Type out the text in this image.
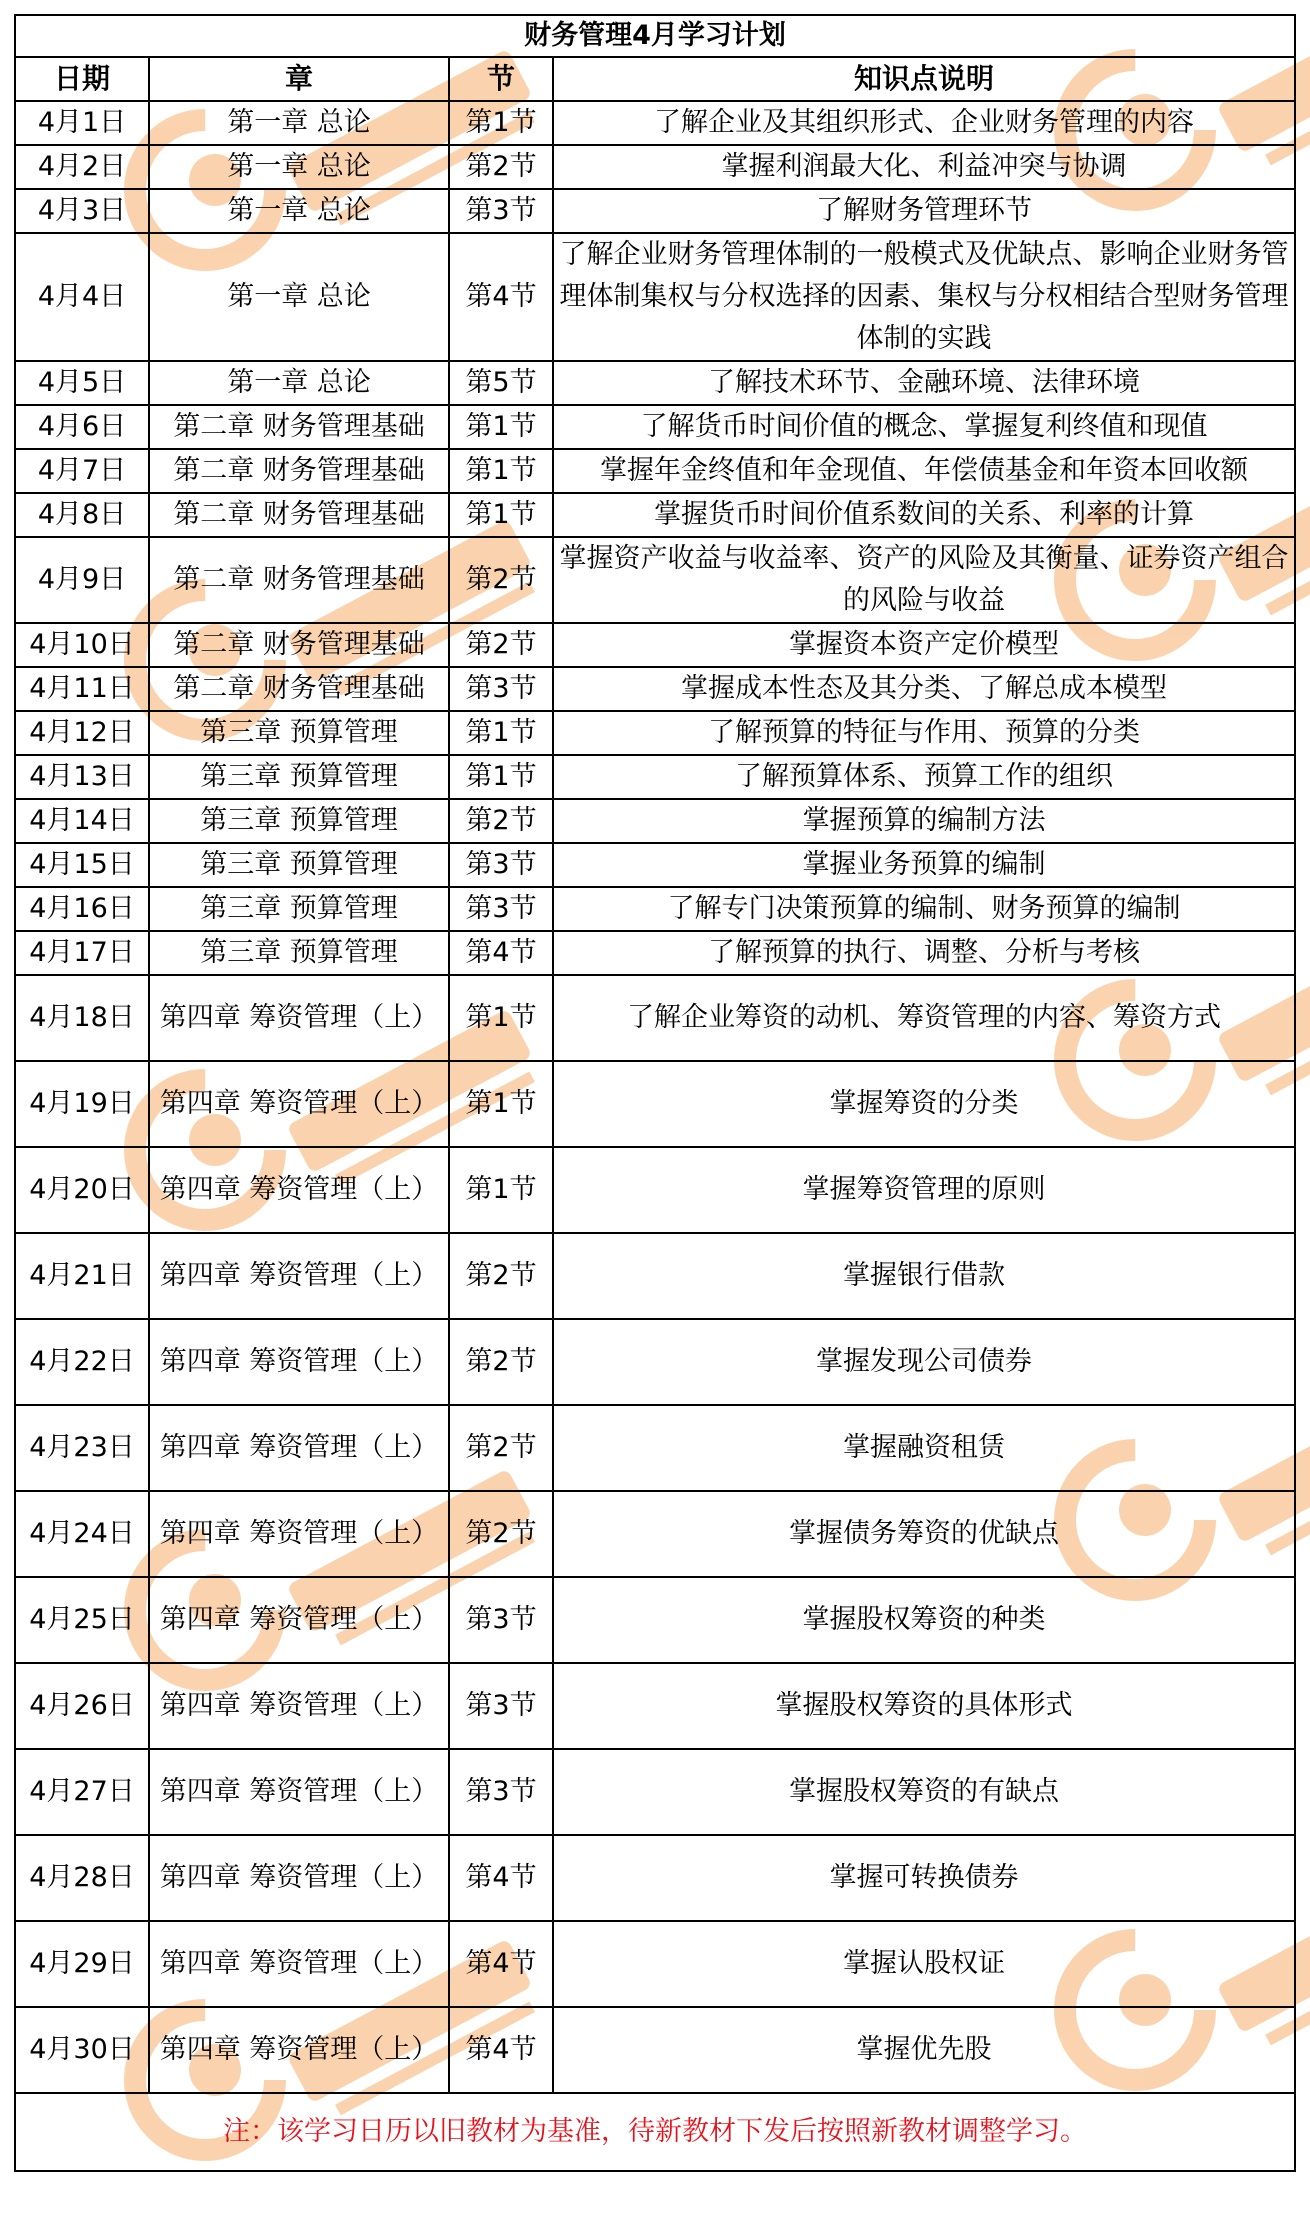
财务管理4月学习计划			
日期	章	节	知识点说明
4月1日	第一章 总论	第1节	了解企业及其组织形式、企业财务管理的内容
4月2日	第一章 总论	第2节	掌握利润最大化、利益冲突与协调
4月3日	第一章 总论	第3节	了解财务管理环节
4月4日	第一章 总论	第4节	了解企业财务管理体制的一般模式及优缺点、影响企业财务管理体制集权与分权选择的因素、集权与分权相结合型财务管理体制的实践
4月5日	第一章 总论	第5节	了解技术环节、金融环境、法律环境
4月6日	第二章 财务管理基础	第1节	了解货币时间价值的概念、掌握复利终值和现值
4月7日	第二章 财务管理基础	第1节	掌握年金终值和年金现值、年偿债基金和年资本回收额
4月8日	第二章 财务管理基础	第1节	掌握货币时间价值系数间的关系、利率的计算
4月9日	第二章 财务管理基础	第2节	掌握资产收益与收益率、资产的风险及其衡量、证券资产组合的风险与收益
4月10日	第二章 财务管理基础	第2节	掌握资本资产定价模型
4月11日	第二章 财务管理基础	第3节	掌握成本性态及其分类、了解总成本模型
4月12日	第三章 预算管理	第1节	了解预算的特征与作用、预算的分类
4月13日	第三章 预算管理	第1节	了解预算体系、预算工作的组织
4月14日	第三章 预算管理	第2节	掌握预算的编制方法
4月15日	第三章 预算管理	第3节	掌握业务预算的编制
4月16日	第三章 预算管理	第3节	了解专门决策预算的编制、财务预算的编制
4月17日	第三章 预算管理	第4节	了解预算的执行、调整、分析与考核
4月18日	第四章 筹资管理（上）	第1节	了解企业筹资的动机、筹资管理的内容、筹资方式
4月19日	第四章 筹资管理（上）	第1节	掌握筹资的分类
4月20日	第四章 筹资管理（上）	第1节	掌握筹资管理的原则
4月21日	第四章 筹资管理（上）	第2节	掌握银行借款
4月22日	第四章 筹资管理（上）	第2节	掌握发现公司债券
4月23日	第四章 筹资管理（上）	第2节	掌握融资租赁
4月24日	第四章 筹资管理（上）	第2节	掌握债务筹资的优缺点
4月25日	第四章 筹资管理（上）	第3节	掌握股权筹资的种类
4月26日	第四章 筹资管理（上）	第3节	掌握股权筹资的具体形式
4月27日	第四章 筹资管理（上）	第3节	掌握股权筹资的有缺点
4月28日	第四章 筹资管理（上）	第4节	掌握可转换债券
4月29日	第四章 筹资管理（上）	第4节	掌握认股权证
4月30日	第四章 筹资管理（上）	第4节	掌握优先股
注：该学习日历以旧教材为基准，待新教材下发后按照新教材调整学习。			
